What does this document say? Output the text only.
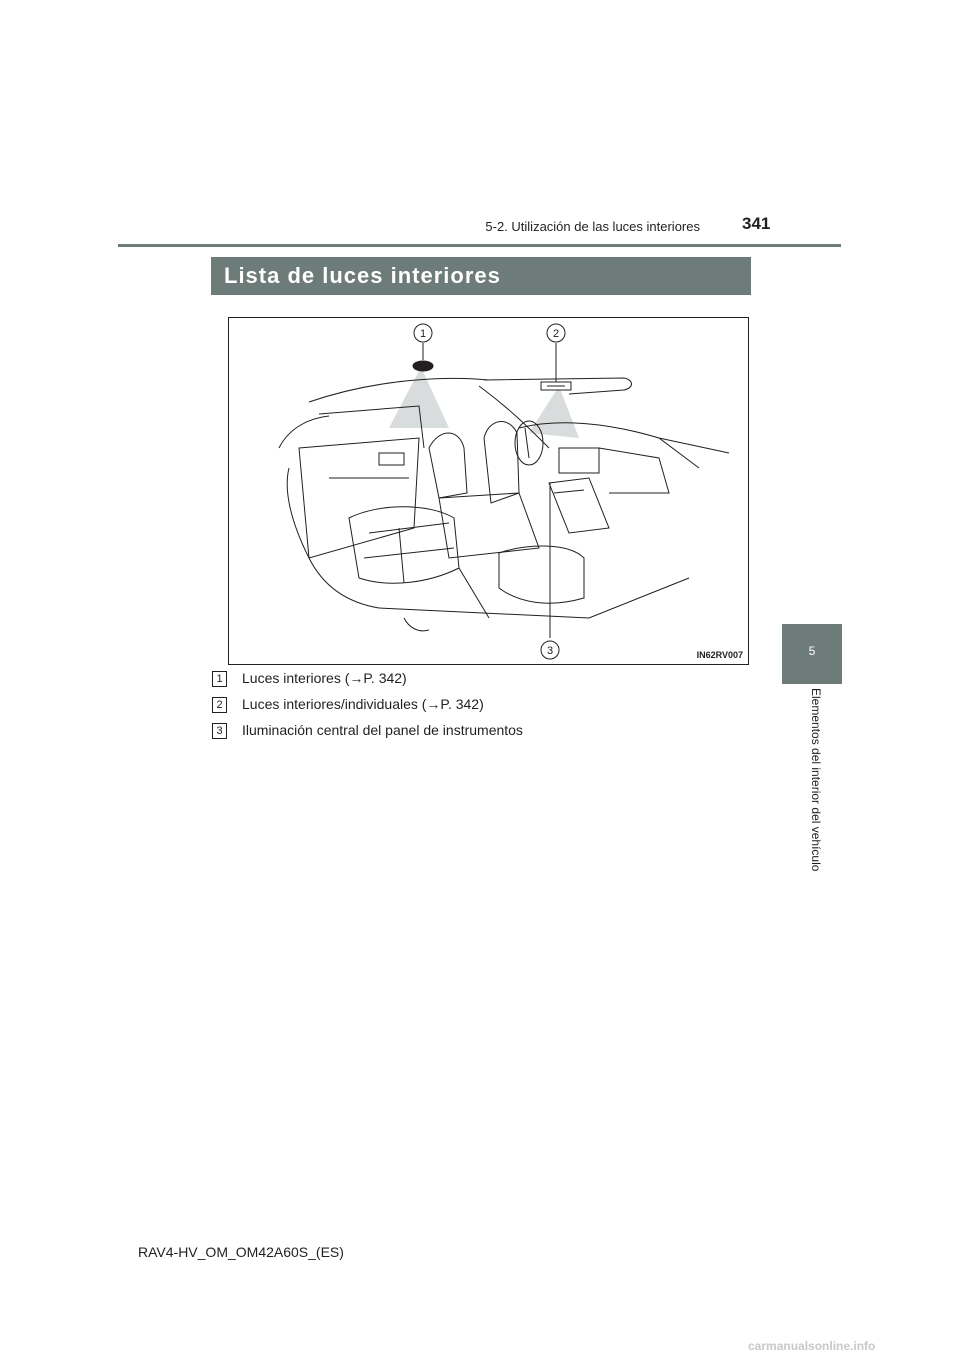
5-2. Utilización de las luces interiores 341
Lista de luces interiores
1	2
3	IN62RV007
1	Luces interiores (→P. 342)
2	Luces interiores/individuales (→P. 342)
3	Iluminación central del panel de instrumentos
5
Elementos del interior del vehículo
RAV4-HV_OM_OM42A60S_(ES)
carmanualsonline.info
